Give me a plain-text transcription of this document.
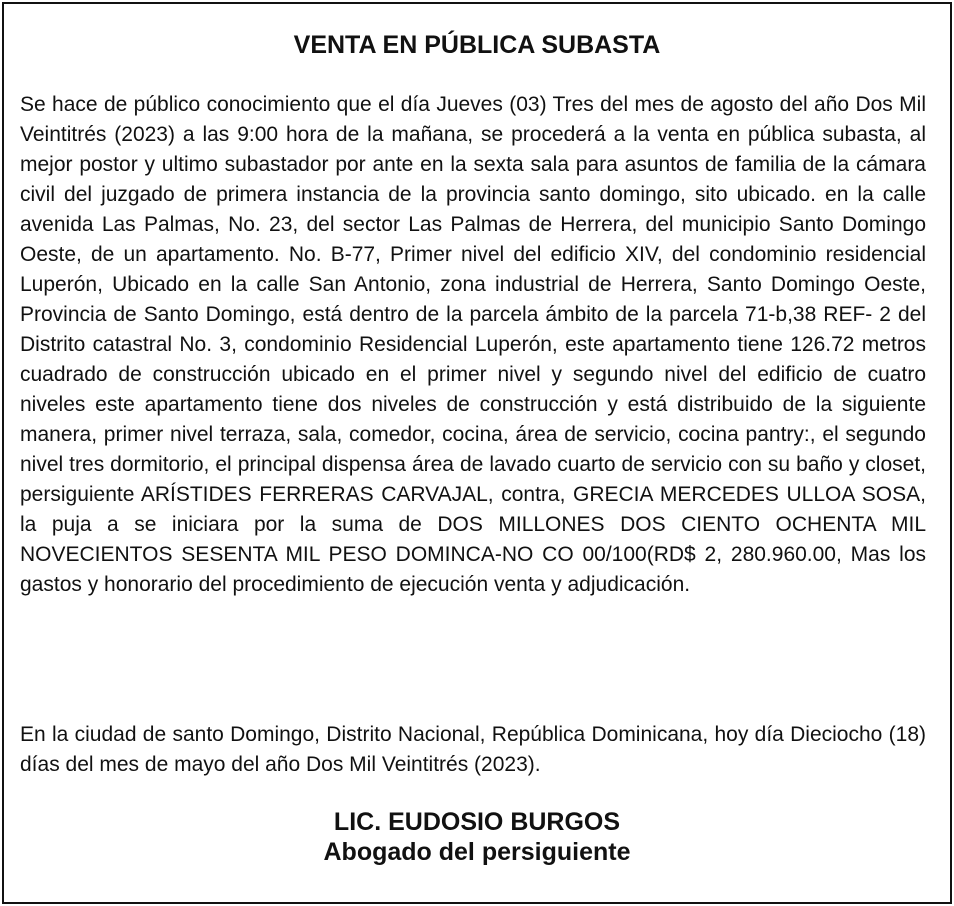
VENTA EN PÚBLICA SUBASTA
Se hace de público conocimiento que el día Jueves (03) Tres del mes de agosto del año Dos Mil Veintitrés (2023) a las 9:00 hora de la mañana, se procederá a la venta en pública subasta, al mejor postor y ultimo subastador por ante en la sexta sala para asuntos de familia de la cámara civil del juzgado de primera instancia de la provincia santo domingo, sito ubicado. en la calle avenida Las Palmas, No. 23, del sector Las Palmas de Herrera, del municipio Santo Domingo Oeste, de un apartamento. No. B-77, Primer nivel del edificio XIV, del condominio residencial Luperón, Ubicado en la calle San Antonio, zona industrial de Herrera, Santo Domingo Oeste, Provincia de Santo Domingo, está dentro de la parcela ámbito de la parcela 71-b,38 REF- 2 del Distrito catastral No. 3, condominio Residencial Luperón, este apartamento tiene 126.72 metros cuadrado de construcción ubicado en el primer nivel y segundo nivel del edificio de cuatro niveles este apartamento tiene dos niveles de construcción y está distribuido de la siguiente manera, primer nivel terraza, sala, comedor, cocina, área de servicio, cocina pantry:, el segundo nivel tres dormitorio, el principal dispensa área de lavado cuarto de servicio con su baño y closet, persiguiente ARÍSTIDES FERRERAS CARVAJAL, contra, GRECIA MERCEDES ULLOA SOSA, la puja a se iniciara por la suma de DOS MILLONES DOS CIENTO OCHENTA MIL NOVECIENTOS SESENTA MIL PESO DOMINCA-NO CO 00/100(RD$ 2, 280.960.00, Mas los gastos y honorario del procedimiento de ejecución venta y adjudicación.
En la ciudad de santo Domingo, Distrito Nacional, República Dominicana, hoy día Dieciocho (18) días del mes de mayo del año Dos Mil Veintitrés (2023).
LIC. EUDOSIO BURGOS
Abogado del persiguiente
